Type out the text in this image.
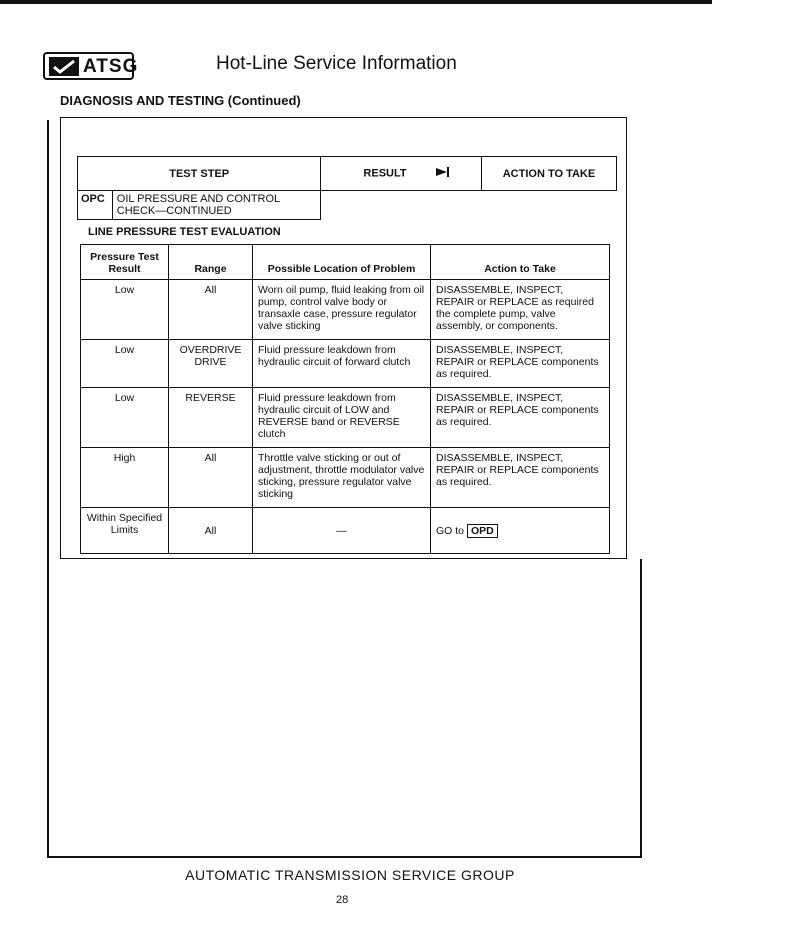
ATSG	Hot-Line Service Information
DIAGNOSIS AND TESTING (Continued)
TEST STEP		RESULT	ACTION TO TAKE
OPC	OIL PRESSURE AND CONTROL CHECK—CONTINUED		
LINE PRESSURE TEST EVALUATION
Pressure Test Result	Range	Possible Location of Problem	Action to Take
Low	All	Worn oil pump, fluid leaking from oil pump, control valve body or transaxle case, pressure regulator valve sticking	DISASSEMBLE, INSPECT, REPAIR or REPLACE as required the complete pump, valve assembly, or components.
Low	OVERDRIVE DRIVE	Fluid pressure leakdown from hydraulic circuit of forward clutch	DISASSEMBLE, INSPECT, REPAIR or REPLACE components as required.
Low	REVERSE	Fluid pressure leakdown from hydraulic circuit of LOW and REVERSE band or REVERSE clutch	DISASSEMBLE, INSPECT, REPAIR or REPLACE components as required.
High	All	Throttle valve sticking or out of adjustment, throttle modulator valve sticking, pressure regulator valve sticking	DISASSEMBLE, INSPECT, REPAIR or REPLACE components as required.
Within Specified Limits	All	—	GO to OPD
AUTOMATIC TRANSMISSION SERVICE GROUP
28
